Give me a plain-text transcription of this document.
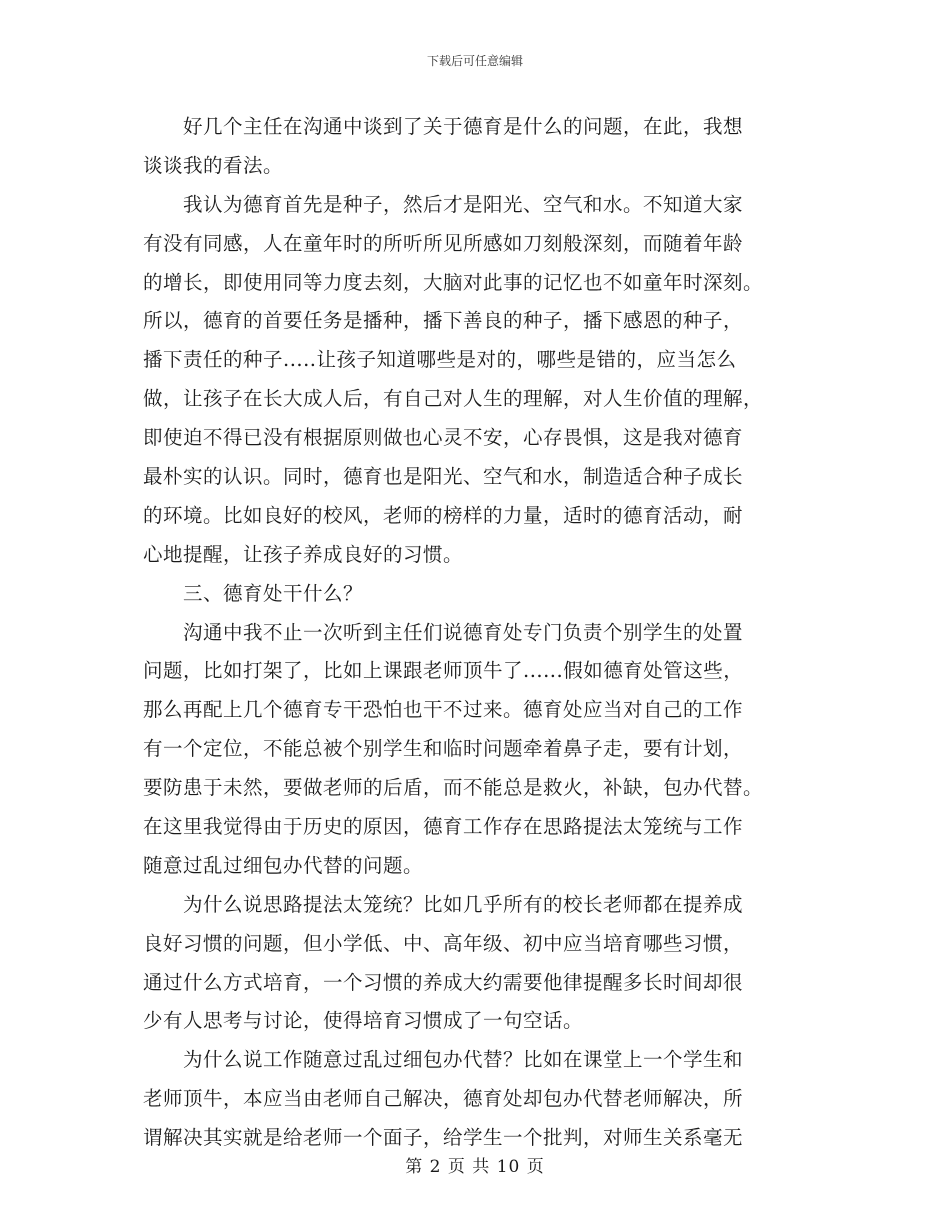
下载后可任意编辑
　　好几个主任在沟通中谈到了关于德育是什么的问题，在此，我想
谈谈我的看法。
　　我认为德育首先是种子，然后才是阳光、空气和水。不知道大家
有没有同感，人在童年时的所听所见所感如刀刻般深刻，而随着年龄
的增长，即使用同等力度去刻，大脑对此事的记忆也不如童年时深刻。
所以，德育的首要任务是播种，播下善良的种子，播下感恩的种子，
播下责任的种子.....让孩子知道哪些是对的，哪些是错的，应当怎么
做，让孩子在长大成人后，有自己对人生的理解，对人生价值的理解，
即使迫不得已没有根据原则做也心灵不安，心存畏惧，这是我对德育
最朴实的认识。同时，德育也是阳光、空气和水，制造适合种子成长
的环境。比如良好的校风，老师的榜样的力量，适时的德育活动，耐
心地提醒，让孩子养成良好的习惯。
　　三、德育处干什么？
　　沟通中我不止一次听到主任们说德育处专门负责个别学生的处置
问题，比如打架了，比如上课跟老师顶牛了......假如德育处管这些，
那么再配上几个德育专干恐怕也干不过来。德育处应当对自己的工作
有一个定位，不能总被个别学生和临时问题牵着鼻子走，要有计划，
要防患于未然，要做老师的后盾，而不能总是救火，补缺，包办代替。
在这里我觉得由于历史的原因，德育工作存在思路提法太笼统与工作
随意过乱过细包办代替的问题。
　　为什么说思路提法太笼统？比如几乎所有的校长老师都在提养成
良好习惯的问题，但小学低、中、高年级、初中应当培育哪些习惯，
通过什么方式培育，一个习惯的养成大约需要他律提醒多长时间却很
少有人思考与讨论，使得培育习惯成了一句空话。
　　为什么说工作随意过乱过细包办代替？比如在课堂上一个学生和
老师顶牛，本应当由老师自己解决，德育处却包办代替老师解决，所
谓解决其实就是给老师一个面子，给学生一个批判，对师生关系毫无
第 2 页 共 10 页
